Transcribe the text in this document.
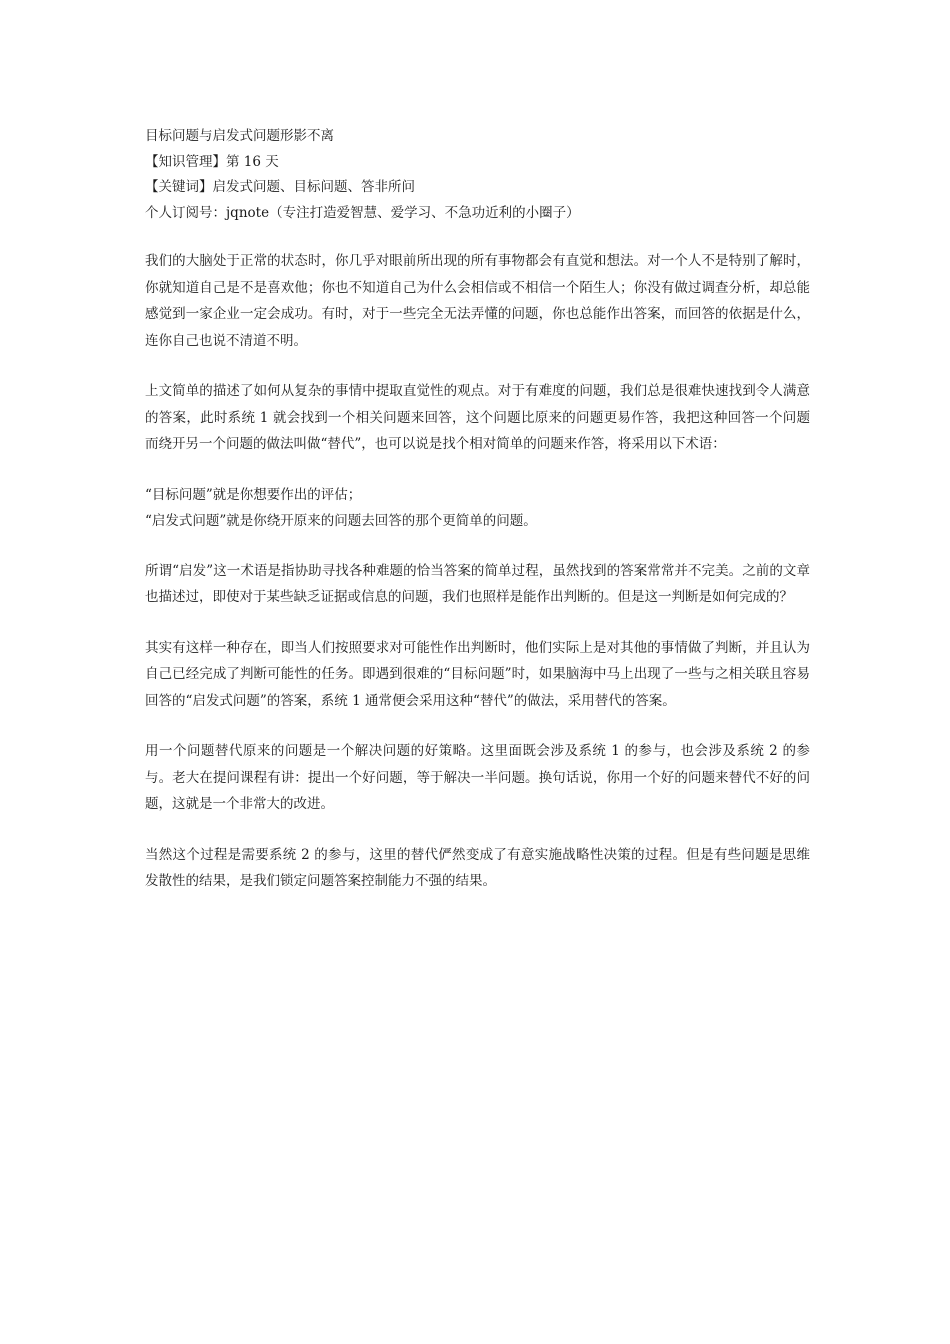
目标问题与启发式问题形影不离

【知识管理】第 16 天

【关键词】启发式问题、目标问题、答非所问

个人订阅号：jqnote（专注打造爱智慧、爱学习、不急功近利的小圈子）

我们的大脑处于正常的状态时，你几乎对眼前所出现的所有事物都会有直觉和想法。对一个人不是特别了解时，你就知道自己是不是喜欢他；你也不知道自己为什么会相信或不相信一个陌生人；你没有做过调查分析，却总能感觉到一家企业一定会成功。有时，对于一些完全无法弄懂的问题，你也总能作出答案，而回答的依据是什么，连你自己也说不清道不明。

上文简单的描述了如何从复杂的事情中提取直觉性的观点。对于有难度的问题，我们总是很难快速找到令人满意的答案，此时系统 1 就会找到一个相关问题来回答，这个问题比原来的问题更易作答，我把这种回答一个问题而绕开另一个问题的做法叫做“替代”，也可以说是找个相对简单的问题来作答，将采用以下术语：

“目标问题”就是你想要作出的评估；

“启发式问题”就是你绕开原来的问题去回答的那个更简单的问题。

所谓“启发”这一术语是指协助寻找各种难题的恰当答案的简单过程，虽然找到的答案常常并不完美。之前的文章也描述过，即使对于某些缺乏证据或信息的问题，我们也照样是能作出判断的。但是这一判断是如何完成的？

其实有这样一种存在，即当人们按照要求对可能性作出判断时，他们实际上是对其他的事情做了判断，并且认为自己已经完成了判断可能性的任务。即遇到很难的“目标问题”时，如果脑海中马上出现了一些与之相关联且容易回答的“启发式问题”的答案，系统 1 通常便会采用这种“替代”的做法，采用替代的答案。

用一个问题替代原来的问题是一个解决问题的好策略。这里面既会涉及系统 1 的参与，也会涉及系统 2 的参与。老大在提问课程有讲：提出一个好问题，等于解决一半问题。换句话说，你用一个好的问题来替代不好的问题，这就是一个非常大的改进。

当然这个过程是需要系统 2 的参与，这里的替代俨然变成了有意实施战略性决策的过程。但是有些问题是思维发散性的结果，是我们锁定问题答案控制能力不强的结果。
